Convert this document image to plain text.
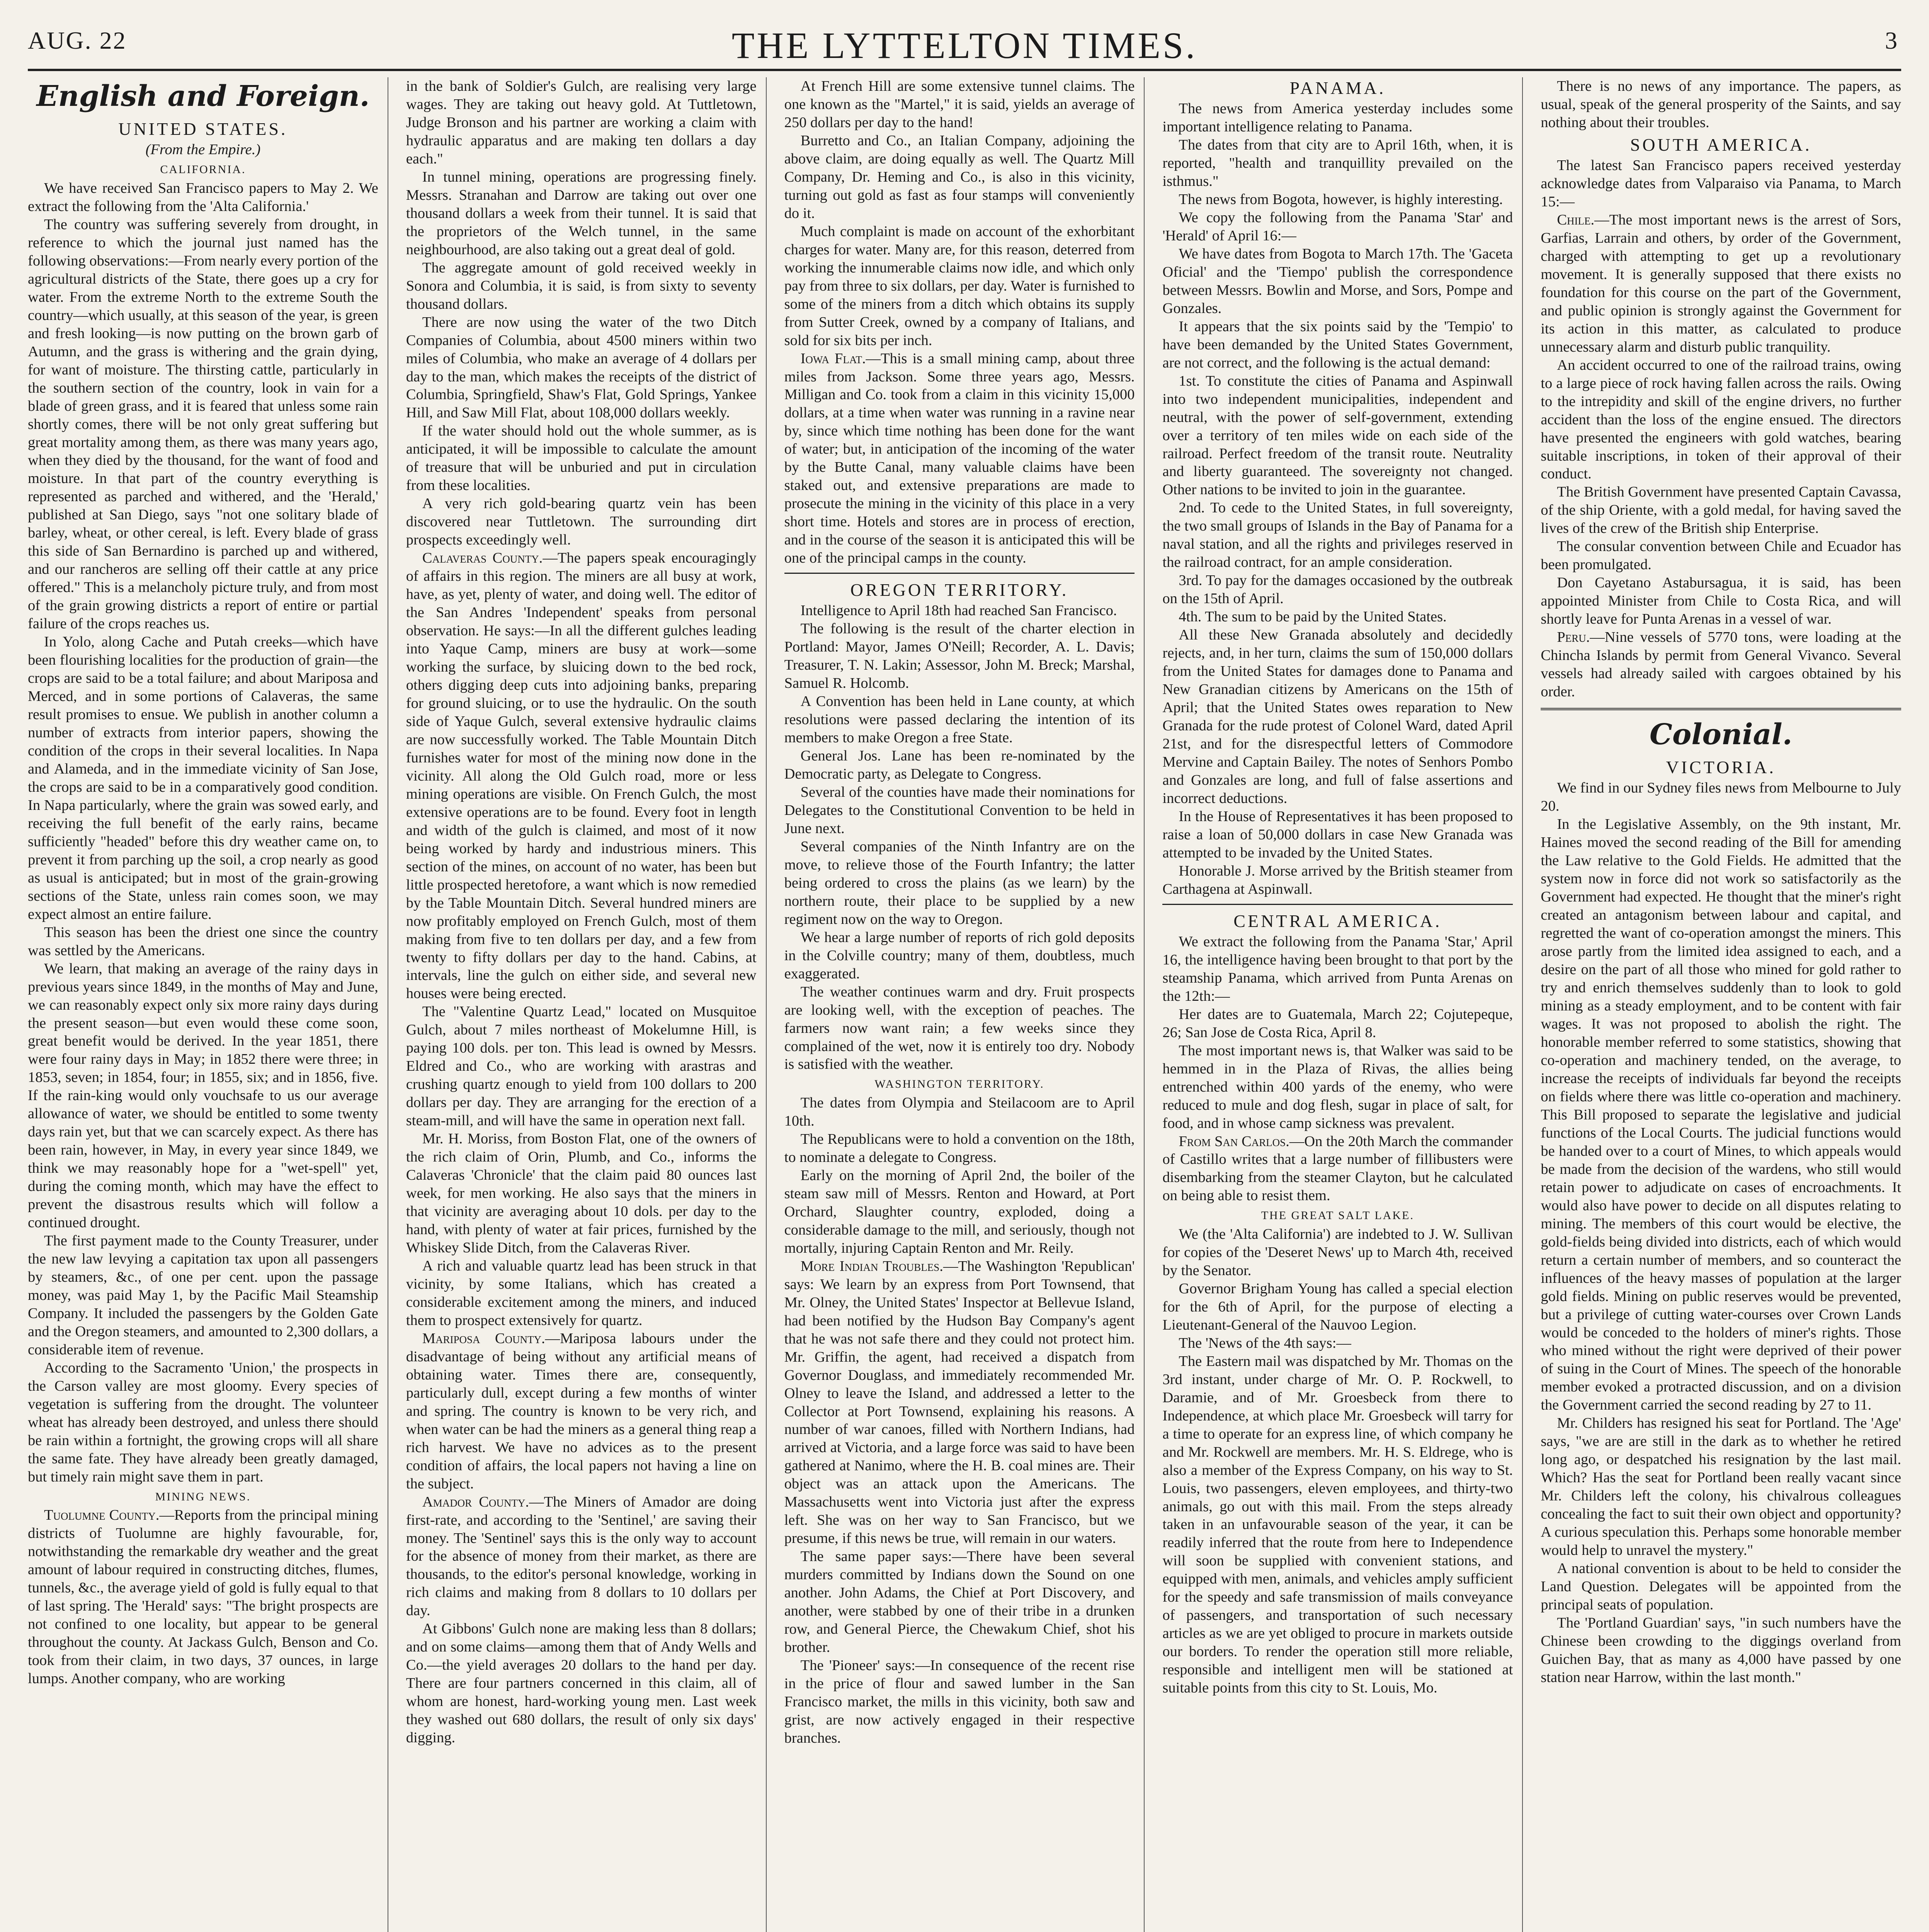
AUG. 22	THE LYTTELTON TIMES.	3
English and Foreign.
UNITED STATES.
(From the Empire.)
CALIFORNIA.

We have received San Francisco papers to May 2. We extract the following from the 'Alta California.'

The country was suffering severely from drought, in reference to which the journal just named has the following observations:—From nearly every portion of the agricultural districts of the State, there goes up a cry for water. From the extreme North to the extreme South the country—which usually, at this season of the year, is green and fresh looking—is now putting on the brown garb of Autumn, and the grass is withering and the grain dying, for want of moisture. The thirsting cattle, particularly in the southern section of the country, look in vain for a blade of green grass, and it is feared that unless some rain shortly comes, there will be not only great suffering but great mortality among them, as there was many years ago, when they died by the thousand, for the want of food and moisture. In that part of the country everything is represented as parched and withered, and the 'Herald,' published at San Diego, says "not one solitary blade of barley, wheat, or other cereal, is left. Every blade of grass this side of San Bernardino is parched up and withered, and our rancheros are selling off their cattle at any price offered." This is a melancholy picture truly, and from most of the grain growing districts a report of entire or partial failure of the crops reaches us.

In Yolo, along Cache and Putah creeks—which have been flourishing localities for the production of grain—the crops are said to be a total failure; and about Mariposa and Merced, and in some portions of Calaveras, the same result promises to ensue. We publish in another column a number of extracts from interior papers, showing the condition of the crops in their several localities. In Napa and Alameda, and in the immediate vicinity of San Jose, the crops are said to be in a comparatively good condition. In Napa particularly, where the grain was sowed early, and receiving the full benefit of the early rains, became sufficiently "headed" before this dry weather came on, to prevent it from parching up the soil, a crop nearly as good as usual is anticipated; but in most of the grain-growing sections of the State, unless rain comes soon, we may expect almost an entire failure.

This season has been the driest one since the country was settled by the Americans.

We learn, that making an average of the rainy days in previous years since 1849, in the months of May and June, we can reasonably expect only six more rainy days during the present season—but even would these come soon, great benefit would be derived. In the year 1851, there were four rainy days in May; in 1852 there were three; in 1853, seven; in 1854, four; in 1855, six; and in 1856, five. If the rain-king would only vouchsafe to us our average allowance of water, we should be entitled to some twenty days rain yet, but that we can scarcely expect. As there has been rain, however, in May, in every year since 1849, we think we may reasonably hope for a "wet-spell" yet, during the coming month, which may have the effect to prevent the disastrous results which will follow a continued drought.

The first payment made to the County Treasurer, under the new law levying a capitation tax upon all passengers by steamers, &c., of one per cent. upon the passage money, was paid May 1, by the Pacific Mail Steamship Company. It included the passengers by the Golden Gate and the Oregon steamers, and amounted to 2,300 dollars, a considerable item of revenue.

According to the Sacramento 'Union,' the prospects in the Carson valley are most gloomy. Every species of vegetation is suffering from the drought. The volunteer wheat has already been destroyed, and unless there should be rain within a fortnight, the growing crops will all share the same fate. They have already been greatly damaged, but timely rain might save them in part.

MINING NEWS.

Tuolumne County.—Reports from the principal mining districts of Tuolumne are highly favourable, for, notwithstanding the remarkable dry weather and the great amount of labour required in constructing ditches, flumes, tunnels, &c., the average yield of gold is fully equal to that of last spring. The 'Herald' says: "The bright prospects are not confined to one locality, but appear to be general throughout the county. At Jackass Gulch, Benson and Co. took from their claim, in two days, 37 ounces, in large lumps. Another company, who are working

in the bank of Soldier's Gulch, are realising very large wages. They are taking out heavy gold. At Tuttletown, Judge Bronson and his partner are working a claim with hydraulic apparatus and are making ten dollars a day each."

In tunnel mining, operations are progressing finely. Messrs. Stranahan and Darrow are taking out over one thousand dollars a week from their tunnel. It is said that the proprietors of the Welch tunnel, in the same neighbourhood, are also taking out a great deal of gold.

The aggregate amount of gold received weekly in Sonora and Columbia, it is said, is from sixty to seventy thousand dollars.

There are now using the water of the two Ditch Companies of Columbia, about 4500 miners within two miles of Columbia, who make an average of 4 dollars per day to the man, which makes the receipts of the district of Columbia, Springfield, Shaw's Flat, Gold Springs, Yankee Hill, and Saw Mill Flat, about 108,000 dollars weekly.

If the water should hold out the whole summer, as is anticipated, it will be impossible to calculate the amount of treasure that will be unburied and put in circulation from these localities.

A very rich gold-bearing quartz vein has been discovered near Tuttletown. The surrounding dirt prospects exceedingly well.

Calaveras County.—The papers speak encouragingly of affairs in this region. The miners are all busy at work, have, as yet, plenty of water, and doing well. The editor of the San Andres 'Independent' speaks from personal observation. He says:—In all the different gulches leading into Yaque Camp, miners are busy at work—some working the surface, by sluicing down to the bed rock, others digging deep cuts into adjoining banks, preparing for ground sluicing, or to use the hydraulic. On the south side of Yaque Gulch, several extensive hydraulic claims are now successfully worked. The Table Mountain Ditch furnishes water for most of the mining now done in the vicinity. All along the Old Gulch road, more or less mining operations are visible. On French Gulch, the most extensive operations are to be found. Every foot in length and width of the gulch is claimed, and most of it now being worked by hardy and industrious miners. This section of the mines, on account of no water, has been but little prospected heretofore, a want which is now remedied by the Table Mountain Ditch. Several hundred miners are now profitably employed on French Gulch, most of them making from five to ten dollars per day, and a few from twenty to fifty dollars per day to the hand. Cabins, at intervals, line the gulch on either side, and several new houses were being erected.

The "Valentine Quartz Lead," located on Musquitoe Gulch, about 7 miles northeast of Mokelumne Hill, is paying 100 dols. per ton. This lead is owned by Messrs. Eldred and Co., who are working with arastras and crushing quartz enough to yield from 100 dollars to 200 dollars per day. They are arranging for the erection of a steam-mill, and will have the same in operation next fall.

Mr. H. Moriss, from Boston Flat, one of the owners of the rich claim of Orin, Plumb, and Co., informs the Calaveras 'Chronicle' that the claim paid 80 ounces last week, for men working. He also says that the miners in that vicinity are averaging about 10 dols. per day to the hand, with plenty of water at fair prices, furnished by the Whiskey Slide Ditch, from the Calaveras River.

A rich and valuable quartz lead has been struck in that vicinity, by some Italians, which has created a considerable excitement among the miners, and induced them to prospect extensively for quartz.

Mariposa County.—Mariposa labours under the disadvantage of being without any artificial means of obtaining water. Times there are, consequently, particularly dull, except during a few months of winter and spring. The country is known to be very rich, and when water can be had the miners as a general thing reap a rich harvest. We have no advices as to the present condition of affairs, the local papers not having a line on the subject.

Amador County.—The Miners of Amador are doing first-rate, and according to the 'Sentinel,' are saving their money. The 'Sentinel' says this is the only way to account for the absence of money from their market, as there are thousands, to the editor's personal knowledge, working in rich claims and making from 8 dollars to 10 dollars per day.

At Gibbons' Gulch none are making less than 8 dollars; and on some claims—among them that of Andy Wells and Co.—the yield averages 20 dollars to the hand per day. There are four partners concerned in this claim, all of whom are honest, hard-working young men. Last week they washed out 680 dollars, the result of only six days' digging.

At French Hill are some extensive tunnel claims. The one known as the "Martel," it is said, yields an average of 250 dollars per day to the hand!

Burretto and Co., an Italian Company, adjoining the above claim, are doing equally as well. The Quartz Mill Company, Dr. Heming and Co., is also in this vicinity, turning out gold as fast as four stamps will conveniently do it.

Much complaint is made on account of the exhorbitant charges for water. Many are, for this reason, deterred from working the innumerable claims now idle, and which only pay from three to six dollars, per day. Water is furnished to some of the miners from a ditch which obtains its supply from Sutter Creek, owned by a company of Italians, and sold for six bits per inch.

Iowa Flat.—This is a small mining camp, about three miles from Jackson. Some three years ago, Messrs. Milligan and Co. took from a claim in this vicinity 15,000 dollars, at a time when water was running in a ravine near by, since which time nothing has been done for the want of water; but, in anticipation of the incoming of the water by the Butte Canal, many valuable claims have been staked out, and extensive preparations are made to prosecute the mining in the vicinity of this place in a very short time. Hotels and stores are in process of erection, and in the course of the season it is anticipated this will be one of the principal camps in the county.

OREGON TERRITORY.

Intelligence to April 18th had reached San Francisco.

The following is the result of the charter election in Portland: Mayor, James O'Neill; Recorder, A. L. Davis; Treasurer, T. N. Lakin; Assessor, John M. Breck; Marshal, Samuel R. Holcomb.

A Convention has been held in Lane county, at which resolutions were passed declaring the intention of its members to make Oregon a free State.

General Jos. Lane has been re-nominated by the Democratic party, as Delegate to Congress.

Several of the counties have made their nominations for Delegates to the Constitutional Convention to be held in June next.

Several companies of the Ninth Infantry are on the move, to relieve those of the Fourth Infantry; the latter being ordered to cross the plains (as we learn) by the northern route, their place to be supplied by a new regiment now on the way to Oregon.

We hear a large number of reports of rich gold deposits in the Colville country; many of them, doubtless, much exaggerated.

The weather continues warm and dry. Fruit prospects are looking well, with the exception of peaches. The farmers now want rain; a few weeks since they complained of the wet, now it is entirely too dry. Nobody is satisfied with the weather.

WASHINGTON TERRITORY.

The dates from Olympia and Steilacoom are to April 10th.

The Republicans were to hold a convention on the 18th, to nominate a delegate to Congress.

Early on the morning of April 2nd, the boiler of the steam saw mill of Messrs. Renton and Howard, at Port Orchard, Slaughter country, exploded, doing a considerable damage to the mill, and seriously, though not mortally, injuring Captain Renton and Mr. Reily.

More Indian Troubles.—The Washington 'Republican' says: We learn by an express from Port Townsend, that Mr. Olney, the United States' Inspector at Bellevue Island, had been notified by the Hudson Bay Company's agent that he was not safe there and they could not protect him. Mr. Griffin, the agent, had received a dispatch from Governor Douglass, and immediately recommended Mr. Olney to leave the Island, and addressed a letter to the Collector at Port Townsend, explaining his reasons. A number of war canoes, filled with Northern Indians, had arrived at Victoria, and a large force was said to have been gathered at Nanimo, where the H. B. coal mines are. Their object was an attack upon the Americans. The Massachusetts went into Victoria just after the express left. She was on her way to San Francisco, but we presume, if this news be true, will remain in our waters.

The same paper says:—There have been several murders committed by Indians down the Sound on one another. John Adams, the Chief at Port Discovery, and another, were stabbed by one of their tribe in a drunken row, and General Pierce, the Chewakum Chief, shot his brother.

The 'Pioneer' says:—In consequence of the recent rise in the price of flour and sawed lumber in the San Francisco market, the mills in this vicinity, both saw and grist, are now actively engaged in their respective branches.

PANAMA.

The news from America yesterday includes some important intelligence relating to Panama.

The dates from that city are to April 16th, when, it is reported, "health and tranquillity prevailed on the isthmus."

The news from Bogota, however, is highly interesting.

We copy the following from the Panama 'Star' and 'Herald' of April 16:—

We have dates from Bogota to March 17th. The 'Gaceta Oficial' and the 'Tiempo' publish the correspondence between Messrs. Bowlin and Morse, and Sors, Pompe and Gonzales.

It appears that the six points said by the 'Tempio' to have been demanded by the United States Government, are not correct, and the following is the actual demand:

1st. To constitute the cities of Panama and Aspinwall into two independent municipalities, independent and neutral, with the power of self-government, extending over a territory of ten miles wide on each side of the railroad. Perfect freedom of the transit route. Neutrality and liberty guaranteed. The sovereignty not changed. Other nations to be invited to join in the guarantee.

2nd. To cede to the United States, in full sovereignty, the two small groups of Islands in the Bay of Panama for a naval station, and all the rights and privileges reserved in the railroad contract, for an ample consideration.

3rd. To pay for the damages occasioned by the outbreak on the 15th of April.

4th. The sum to be paid by the United States.

All these New Granada absolutely and decidedly rejects, and, in her turn, claims the sum of 150,000 dollars from the United States for damages done to Panama and New Granadian citizens by Americans on the 15th of April; that the United States owes reparation to New Granada for the rude protest of Colonel Ward, dated April 21st, and for the disrespectful letters of Commodore Mervine and Captain Bailey. The notes of Senhors Pombo and Gonzales are long, and full of false assertions and incorrect deductions.

In the House of Representatives it has been proposed to raise a loan of 50,000 dollars in case New Granada was attempted to be invaded by the United States.

Honorable J. Morse arrived by the British steamer from Carthagena at Aspinwall.

CENTRAL AMERICA.

We extract the following from the Panama 'Star,' April 16, the intelligence having been brought to that port by the steamship Panama, which arrived from Punta Arenas on the 12th:—

Her dates are to Guatemala, March 22; Cojutepeque, 26; San Jose de Costa Rica, April 8.

The most important news is, that Walker was said to be hemmed in in the Plaza of Rivas, the allies being entrenched within 400 yards of the enemy, who were reduced to mule and dog flesh, sugar in place of salt, for food, and in whose camp sickness was prevalent.

From San Carlos.—On the 20th March the commander of Castillo writes that a large number of fillibusters were disembarking from the steamer Clayton, but he calculated on being able to resist them.

THE GREAT SALT LAKE.

We (the 'Alta California') are indebted to J. W. Sullivan for copies of the 'Deseret News' up to March 4th, received by the Senator.

Governor Brigham Young has called a special election for the 6th of April, for the purpose of electing a Lieutenant-General of the Nauvoo Legion.

The 'News of the 4th says:—

The Eastern mail was dispatched by Mr. Thomas on the 3rd instant, under charge of Mr. O. P. Rockwell, to Daramie, and of Mr. Groesbeck from there to Independence, at which place Mr. Groesbeck will tarry for a time to operate for an express line, of which company he and Mr. Rockwell are members. Mr. H. S. Eldrege, who is also a member of the Express Company, on his way to St. Louis, two passengers, eleven employees, and thirty-two animals, go out with this mail. From the steps already taken in an unfavourable season of the year, it can be readily inferred that the route from here to Independence will soon be supplied with convenient stations, and equipped with men, animals, and vehicles amply sufficient for the speedy and safe transmission of mails conveyance of passengers, and transportation of such necessary articles as we are yet obliged to procure in markets outside our borders. To render the operation still more reliable, responsible and intelligent men will be stationed at suitable points from this city to St. Louis, Mo.

There is no news of any importance. The papers, as usual, speak of the general prosperity of the Saints, and say nothing about their troubles.

SOUTH AMERICA.

The latest San Francisco papers received yesterday acknowledge dates from Valparaiso via Panama, to March 15:—

Chile.—The most important news is the arrest of Sors, Garfias, Larrain and others, by order of the Government, charged with attempting to get up a revolutionary movement. It is generally supposed that there exists no foundation for this course on the part of the Government, and public opinion is strongly against the Government for its action in this matter, as calculated to produce unnecessary alarm and disturb public tranquility.

An accident occurred to one of the railroad trains, owing to a large piece of rock having fallen across the rails. Owing to the intrepidity and skill of the engine drivers, no further accident than the loss of the engine ensued. The directors have presented the engineers with gold watches, bearing suitable inscriptions, in token of their approval of their conduct.

The British Government have presented Captain Cavassa, of the ship Oriente, with a gold medal, for having saved the lives of the crew of the British ship Enterprise.

The consular convention between Chile and Ecuador has been promulgated.

Don Cayetano Astabursagua, it is said, has been appointed Minister from Chile to Costa Rica, and will shortly leave for Punta Arenas in a vessel of war.

Peru.—Nine vessels of 5770 tons, were loading at the Chincha Islands by permit from General Vivanco. Several vessels had already sailed with cargoes obtained by his order.

Colonial.
VICTORIA.

We find in our Sydney files news from Melbourne to July 20.

In the Legislative Assembly, on the 9th instant, Mr. Haines moved the second reading of the Bill for amending the Law relative to the Gold Fields. He admitted that the system now in force did not work so satisfactorily as the Government had expected. He thought that the miner's right created an antagonism between labour and capital, and regretted the want of co-operation amongst the miners. This arose partly from the limited idea assigned to each, and a desire on the part of all those who mined for gold rather to try and enrich themselves suddenly than to look to gold mining as a steady employment, and to be content with fair wages. It was not proposed to abolish the right. The honorable member referred to some statistics, showing that co-operation and machinery tended, on the average, to increase the receipts of individuals far beyond the receipts on fields where there was little co-operation and machinery. This Bill proposed to separate the legislative and judicial functions of the Local Courts. The judicial functions would be handed over to a court of Mines, to which appeals would be made from the decision of the wardens, who still would retain power to adjudicate on cases of encroachments. It would also have power to decide on all disputes relating to mining. The members of this court would be elective, the gold-fields being divided into districts, each of which would return a certain number of members, and so counteract the influences of the heavy masses of population at the larger gold fields. Mining on public reserves would be prevented, but a privilege of cutting water-courses over Crown Lands would be conceded to the holders of miner's rights. Those who mined without the right were deprived of their power of suing in the Court of Mines. The speech of the honorable member evoked a protracted discussion, and on a division the Government carried the second reading by 27 to 11.

Mr. Childers has resigned his seat for Portland. The 'Age' says, "we are are still in the dark as to whether he retired long ago, or despatched his resignation by the last mail. Which? Has the seat for Portland been really vacant since Mr. Childers left the colony, his chivalrous colleagues concealing the fact to suit their own object and opportunity? A curious speculation this. Perhaps some honorable member would help to unravel the mystery."

A national convention is about to be held to consider the Land Question. Delegates will be appointed from the principal seats of population.

The 'Portland Guardian' says, "in such numbers have the Chinese been crowding to the diggings overland from Guichen Bay, that as many as 4,000 have passed by one station near Harrow, within the last month."
